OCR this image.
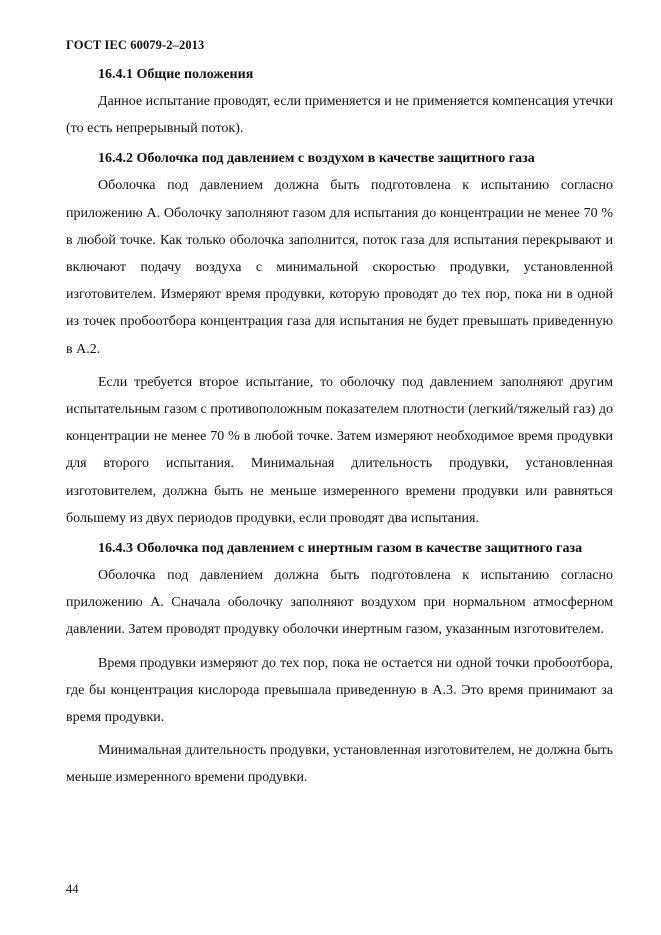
ГОСТ IEC 60079-2–2013
16.4.1 Общие положения

Данное испытание проводят, если применяется и не применяется компенсация утечки (то есть непрерывный поток).

16.4.2 Оболочка под давлением с воздухом в качестве защитного газа

Оболочка под давлением должна быть подготовлена к испытанию согласно приложению А. Оболочку заполняют газом для испытания до концентрации не менее 70 % в любой точке. Как только оболочка заполнится, поток газа для испытания перекрывают и включают подачу воздуха с минимальной скоростью продувки, установленной изготовителем. Измеряют время продувки, которую проводят до тех пор, пока ни в одной из точек пробоотбора концентрация газа для испытания не будет превышать приведенную в А.2.

Если требуется второе испытание, то оболочку под давлением заполняют другим испытательным газом с противоположным показателем плотности (легкий/тяжелый газ) до концентрации не менее 70 % в любой точке. Затем измеряют необходимое время продувки для второго испытания. Минимальная длительность продувки, установленная изготовителем, должна быть не меньше измеренного времени продувки или равняться большему из двух периодов продувки, если проводят два испытания.

16.4.3 Оболочка под давлением с инертным газом в качестве защитного газа

Оболочка под давлением должна быть подготовлена к испытанию согласно приложению А. Сначала оболочку заполняют воздухом при нормальном атмосферном давлении. Затем проводят продувку оболочки инертным газом, указанным изготовителем.

Время продувки измеряют до тех пор, пока не остается ни одной точки пробоотбора, где бы концентрация кислорода превышала приведенную в А.3. Это время принимают за время продувки.

Минимальная длительность продувки, установленная изготовителем, не должна быть меньше измеренного времени продувки.

44
